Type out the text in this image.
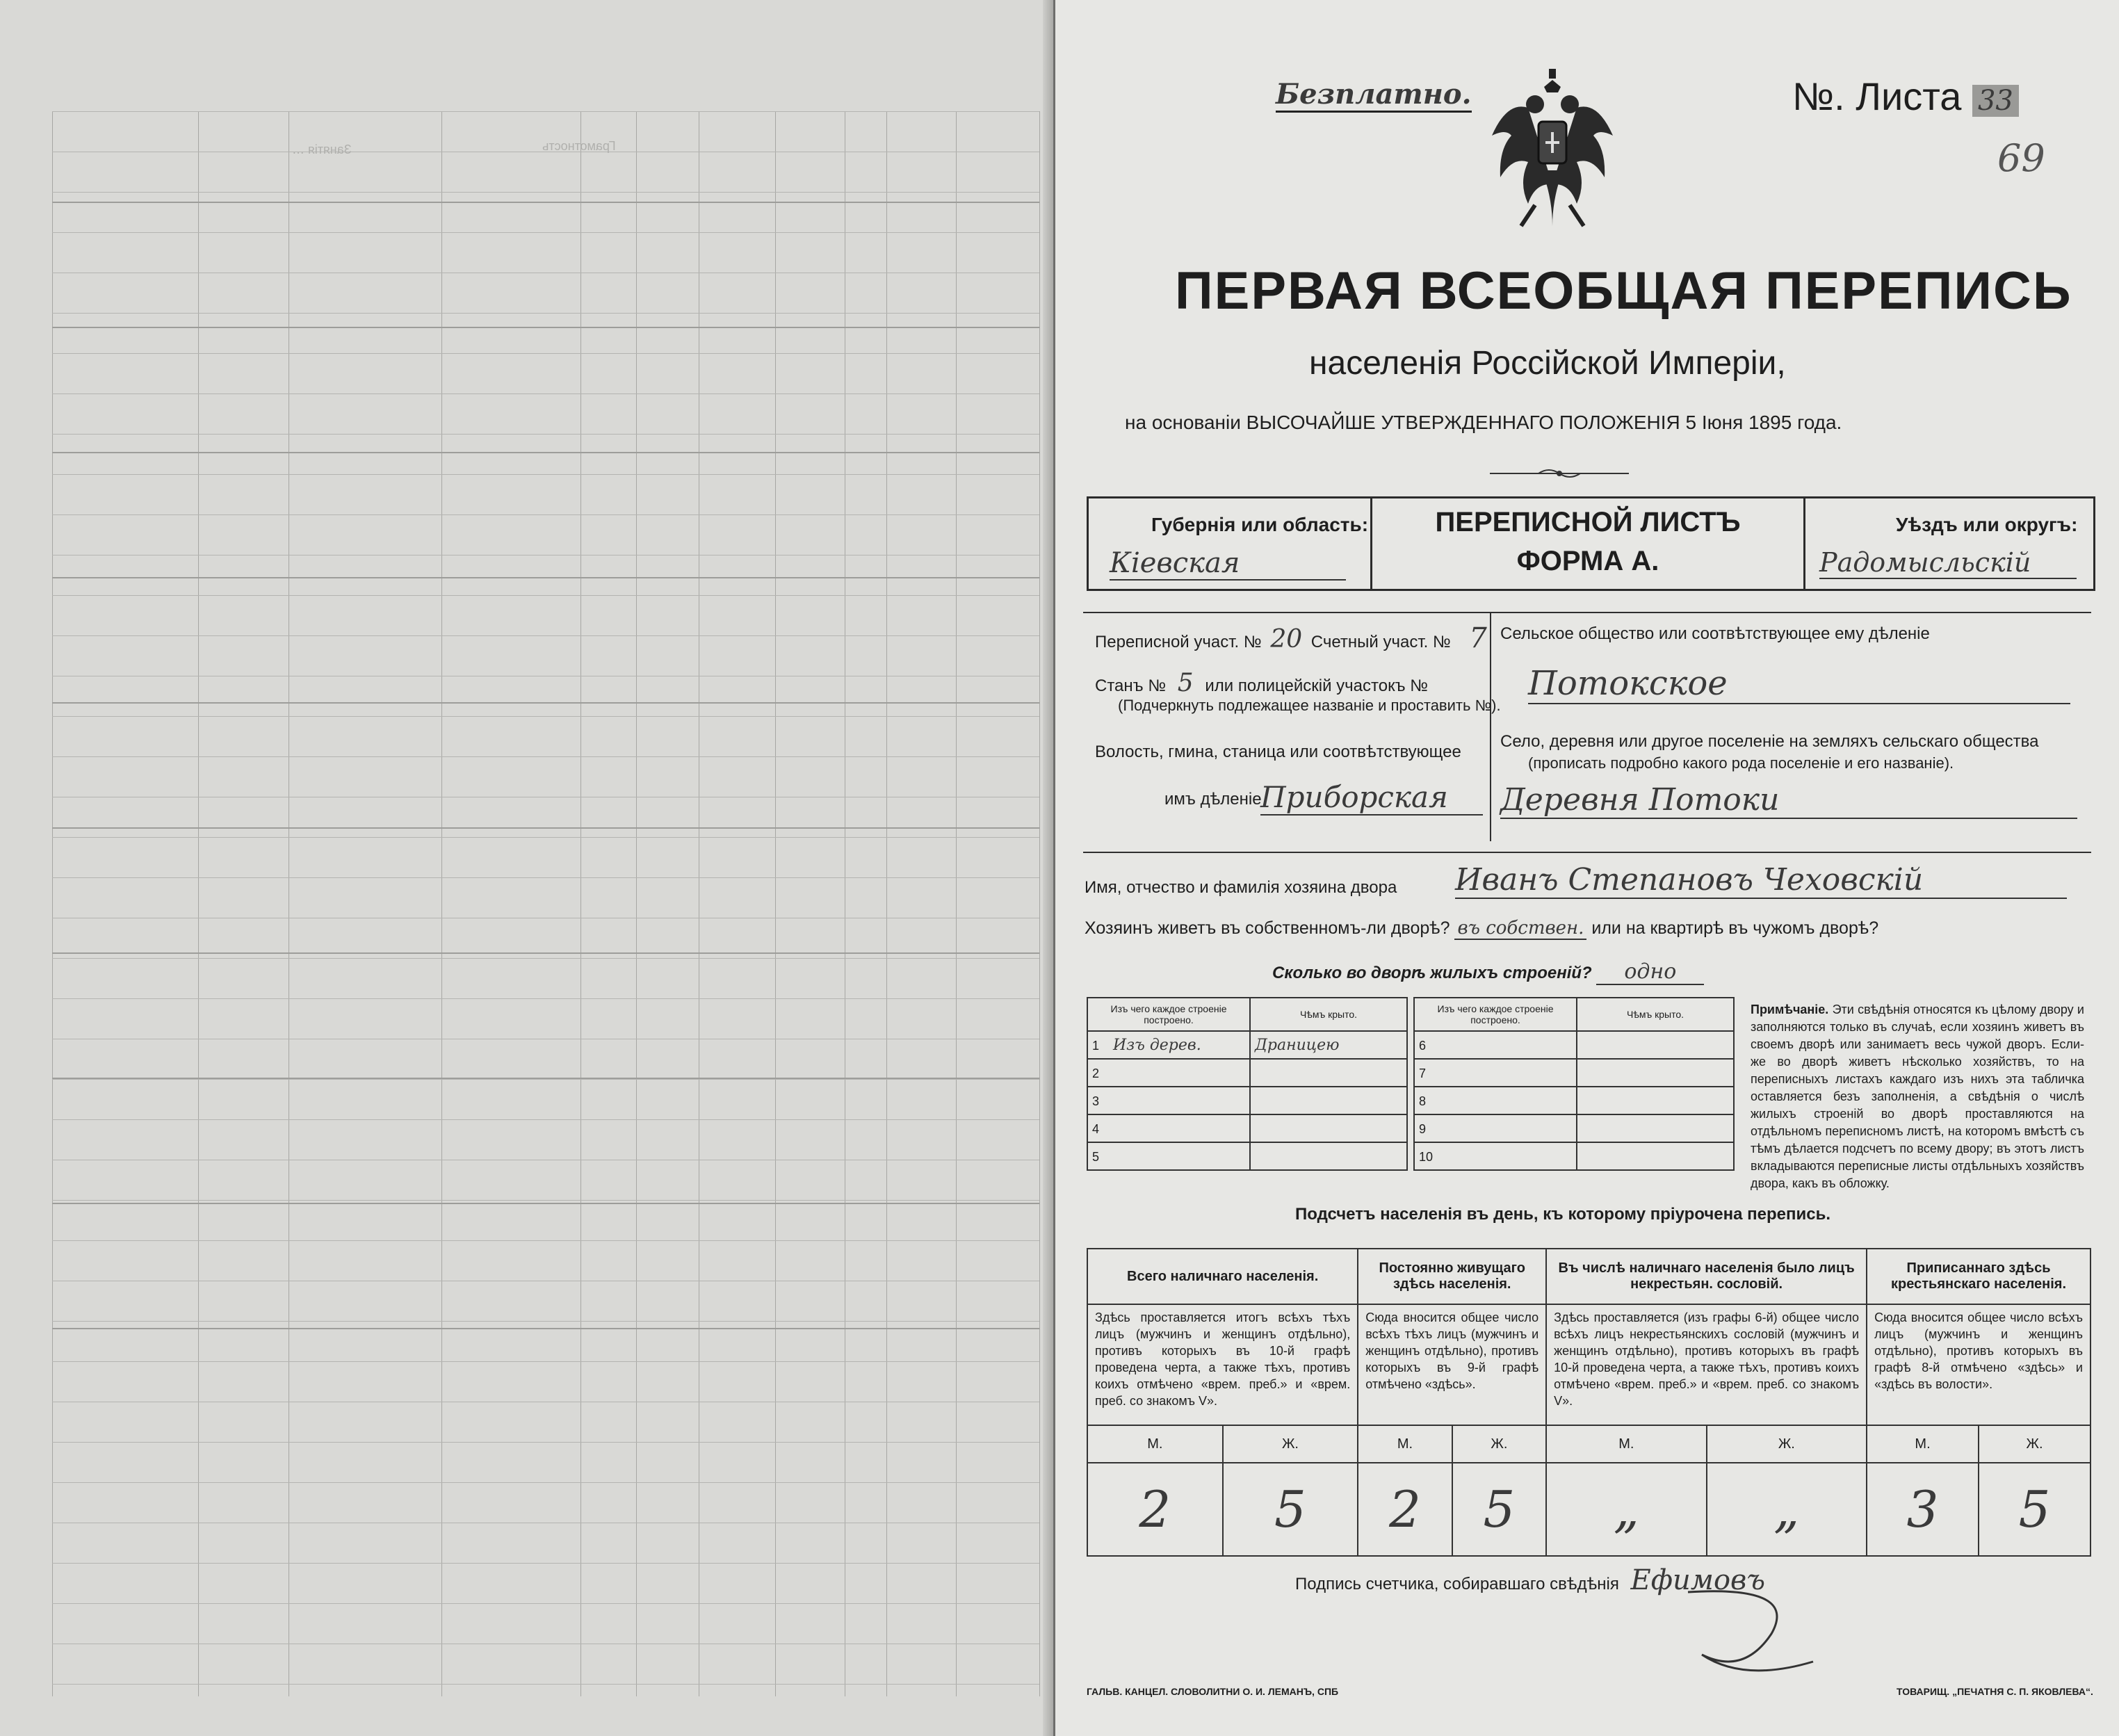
Занятія …	Грамотность
Безплатно.	№. Листа 33
69
ПЕРВАЯ ВСЕОБЩАЯ ПЕРЕПИСЬ
населенія Россійской Имперіи,
на основаніи ВЫСОЧАЙШЕ УТВЕРЖДЕННАГО ПОЛОЖЕНІЯ 5 Іюня 1895 года.
Губернія или область:
Кіевская
ПЕРЕПИСНОЙ ЛИСТЪ
ФОРМА А.
Уѣздъ или округъ:
Радомысльскій
Переписной участ. № 20 Счетный участ. № 7
Станъ № 5 или полицейскій участокъ №
(Подчеркнуть подлежащее названіе и проставить №).
Волость, гмина, станица или соотвѣтствующее
имъ дѣленіе
Приборская
Сельское общество или соотвѣтствующее ему дѣленіе
Потокское
Село, деревня или другое поселеніе на земляхъ сельскаго общества
(прописать подробно какого рода поселеніе и его названіе).
Деревня Потоки
Имя, отчество и фамилія хозяина двора Иванъ Степановъ Чеховскій
Хозяинъ живетъ въ собственномъ-ли дворѣ? въ собствен. или на квартирѣ въ чужомъ дворѣ?
Сколько во дворѣ жилыхъ строеній? одно
Изъ чего каждое строеніе построено.	Чѣмъ крыто.
1 Изъ дерев.	Драницею
2	
3	
4	
5	
Изъ чего каждое строеніе построено.	Чѣмъ крыто.
6	
7	
8	
9	
10	
Примѣчаніе. Эти свѣдѣнія относятся къ цѣлому двору и заполняются только въ случаѣ, если хозяинъ живетъ въ своемъ дворѣ или занимаетъ весь чужой дворъ. Если-же во дворѣ живетъ нѣсколько хозяйствъ, то на переписныхъ листахъ каждаго изъ нихъ эта табличка оставляется безъ заполненія, а свѣдѣнія о числѣ жилыхъ строеній во дворѣ проставляются на отдѣльномъ переписномъ листѣ, на которомъ вмѣстѣ съ тѣмъ дѣлается подсчетъ по всему двору; въ этотъ листъ вкладываются переписные листы отдѣльныхъ хозяйствъ двора, какъ въ обложку.
Подсчетъ населенія въ день, къ которому пріурочена перепись.
Всего наличнаго населенія.		Постоянно живущаго здѣсь населенія.		Въ числѣ наличнаго населенія было лицъ некрестьян. сословій.		Приписаннаго здѣсь крестьянскаго населенія.	
Здѣсь проставляется итогъ всѣхъ тѣхъ лицъ (мужчинъ и женщинъ отдѣльно), противъ которыхъ въ 10-й графѣ проведена черта, а также тѣхъ, противъ коихъ отмѣчено «врем. преб.» и «врем. преб. со знакомъ V».		Сюда вносится общее число всѣхъ тѣхъ лицъ (мужчинъ и женщинъ отдѣльно), противъ которыхъ въ 9-й графѣ отмѣчено «здѣсь».		Здѣсь проставляется (изъ графы 6-й) общее число всѣхъ лицъ некрестьянскихъ сословій (мужчинъ и женщинъ отдѣльно), противъ которыхъ въ графѣ 10-й проведена черта, а также тѣхъ, противъ коихъ отмѣчено «врем. преб.» и «врем. преб. со знакомъ V».		Сюда вносится общее число всѣхъ лицъ (мужчинъ и женщинъ отдѣльно), противъ которыхъ въ графѣ 8-й отмѣчено «здѣсь» и «здѣсь въ волости».	
М.	Ж.	М.	Ж.	М.	Ж.	М.	Ж.
2	5	2	5	„	„	3	5
Подпись счетчика, собиравшаго свѣдѣнія Ефимовъ
ГАЛЬВ. КАНЦЕЛ. СЛОВОЛИТНИ О. И. ЛЕМАНЪ, СПБ	ТОВАРИЩ. „ПЕЧАТНЯ С. П. ЯКОВЛЕВА“.
